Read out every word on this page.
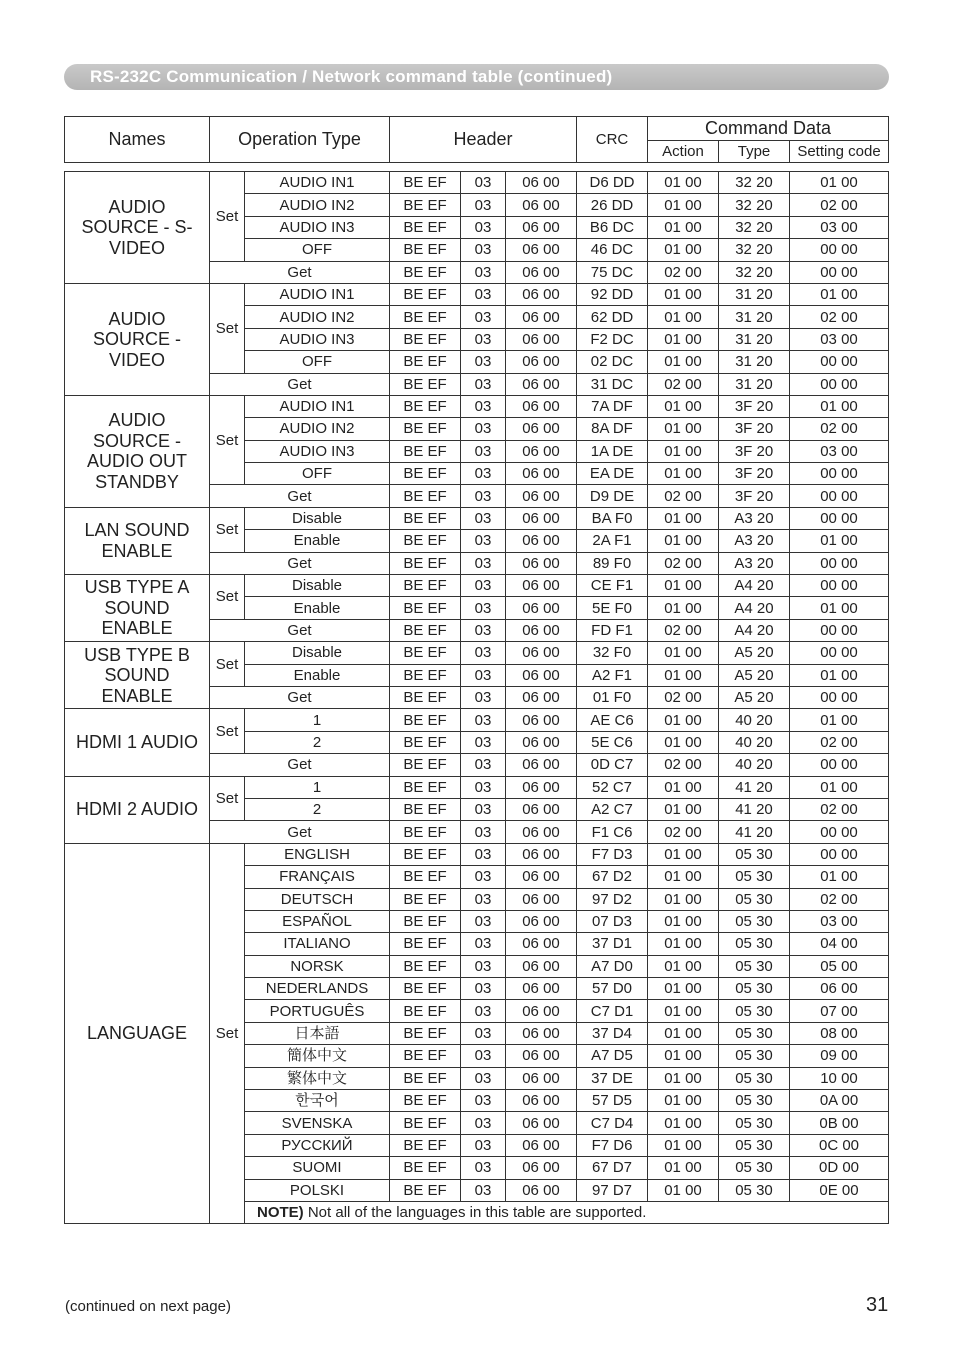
RS-232C Communication / Network command table (continued)
Names	Operation Type	Header	CRC	Command Data		
				Action	Type	Setting code
AUDIO SOURCE - S-VIDEO	Set	AUDIO IN1	BE EF	03	06 00	D6 DD	01 00	32 20	01 00
		AUDIO IN2	BE EF	03	06 00	26 DD	01 00	32 20	02 00
		AUDIO IN3	BE EF	03	06 00	B6 DC	01 00	32 20	03 00
		OFF	BE EF	03	06 00	46 DC	01 00	32 20	00 00
	Get		BE EF	03	06 00	75 DC	02 00	32 20	00 00
AUDIO SOURCE - VIDEO	Set	AUDIO IN1	BE EF	03	06 00	92 DD	01 00	31 20	01 00
		AUDIO IN2	BE EF	03	06 00	62 DD	01 00	31 20	02 00
		AUDIO IN3	BE EF	03	06 00	F2 DC	01 00	31 20	03 00
		OFF	BE EF	03	06 00	02 DC	01 00	31 20	00 00
	Get		BE EF	03	06 00	31 DC	02 00	31 20	00 00
AUDIO SOURCE - AUDIO OUT STANDBY	Set	AUDIO IN1	BE EF	03	06 00	7A DF	01 00	3F 20	01 00
		AUDIO IN2	BE EF	03	06 00	8A DF	01 00	3F 20	02 00
		AUDIO IN3	BE EF	03	06 00	1A DE	01 00	3F 20	03 00
		OFF	BE EF	03	06 00	EA DE	01 00	3F 20	00 00
	Get		BE EF	03	06 00	D9 DE	02 00	3F 20	00 00
LAN SOUND ENABLE	Set	Disable	BE EF	03	06 00	BA F0	01 00	A3 20	00 00
		Enable	BE EF	03	06 00	2A F1	01 00	A3 20	01 00
	Get		BE EF	03	06 00	89 F0	02 00	A3 20	00 00
USB TYPE A SOUND ENABLE	Set	Disable	BE EF	03	06 00	CE F1	01 00	A4 20	00 00
		Enable	BE EF	03	06 00	5E F0	01 00	A4 20	01 00
	Get		BE EF	03	06 00	FD F1	02 00	A4 20	00 00
USB TYPE B SOUND ENABLE	Set	Disable	BE EF	03	06 00	32 F0	01 00	A5 20	00 00
		Enable	BE EF	03	06 00	A2 F1	01 00	A5 20	01 00
	Get		BE EF	03	06 00	01 F0	02 00	A5 20	00 00
HDMI 1 AUDIO	Set	1	BE EF	03	06 00	AE C6	01 00	40 20	01 00
		2	BE EF	03	06 00	5E C6	01 00	40 20	02 00
	Get		BE EF	03	06 00	0D C7	02 00	40 20	00 00
HDMI 2 AUDIO	Set	1	BE EF	03	06 00	52 C7	01 00	41 20	01 00
		2	BE EF	03	06 00	A2 C7	01 00	41 20	02 00
	Get		BE EF	03	06 00	F1 C6	02 00	41 20	00 00
LANGUAGE	Set	ENGLISH	BE EF	03	06 00	F7 D3	01 00	05 30	00 00
		FRANÇAIS	BE EF	03	06 00	67 D2	01 00	05 30	01 00
		DEUTSCH	BE EF	03	06 00	97 D2	01 00	05 30	02 00
		ESPAÑOL	BE EF	03	06 00	07 D3	01 00	05 30	03 00
		ITALIANO	BE EF	03	06 00	37 D1	01 00	05 30	04 00
		NORSK	BE EF	03	06 00	A7 D0	01 00	05 30	05 00
		NEDERLANDS	BE EF	03	06 00	57 D0	01 00	05 30	06 00
		PORTUGUÊS	BE EF	03	06 00	C7 D1	01 00	05 30	07 00
		日本語	BE EF	03	06 00	37 D4	01 00	05 30	08 00
		簡体中文	BE EF	03	06 00	A7 D5	01 00	05 30	09 00
		繁体中文	BE EF	03	06 00	37 DE	01 00	05 30	10 00
		한국어	BE EF	03	06 00	57 D5	01 00	05 30	0A 00
		SVENSKA	BE EF	03	06 00	C7 D4	01 00	05 30	0B 00
		РУССКИЙ	BE EF	03	06 00	F7 D6	01 00	05 30	0C 00
		SUOMI	BE EF	03	06 00	67 D7	01 00	05 30	0D 00
		POLSKI	BE EF	03	06 00	97 D7	01 00	05 30	0E 00
		NOTE) Not all of the languages in this table are supported.							
(continued on next page)	31
